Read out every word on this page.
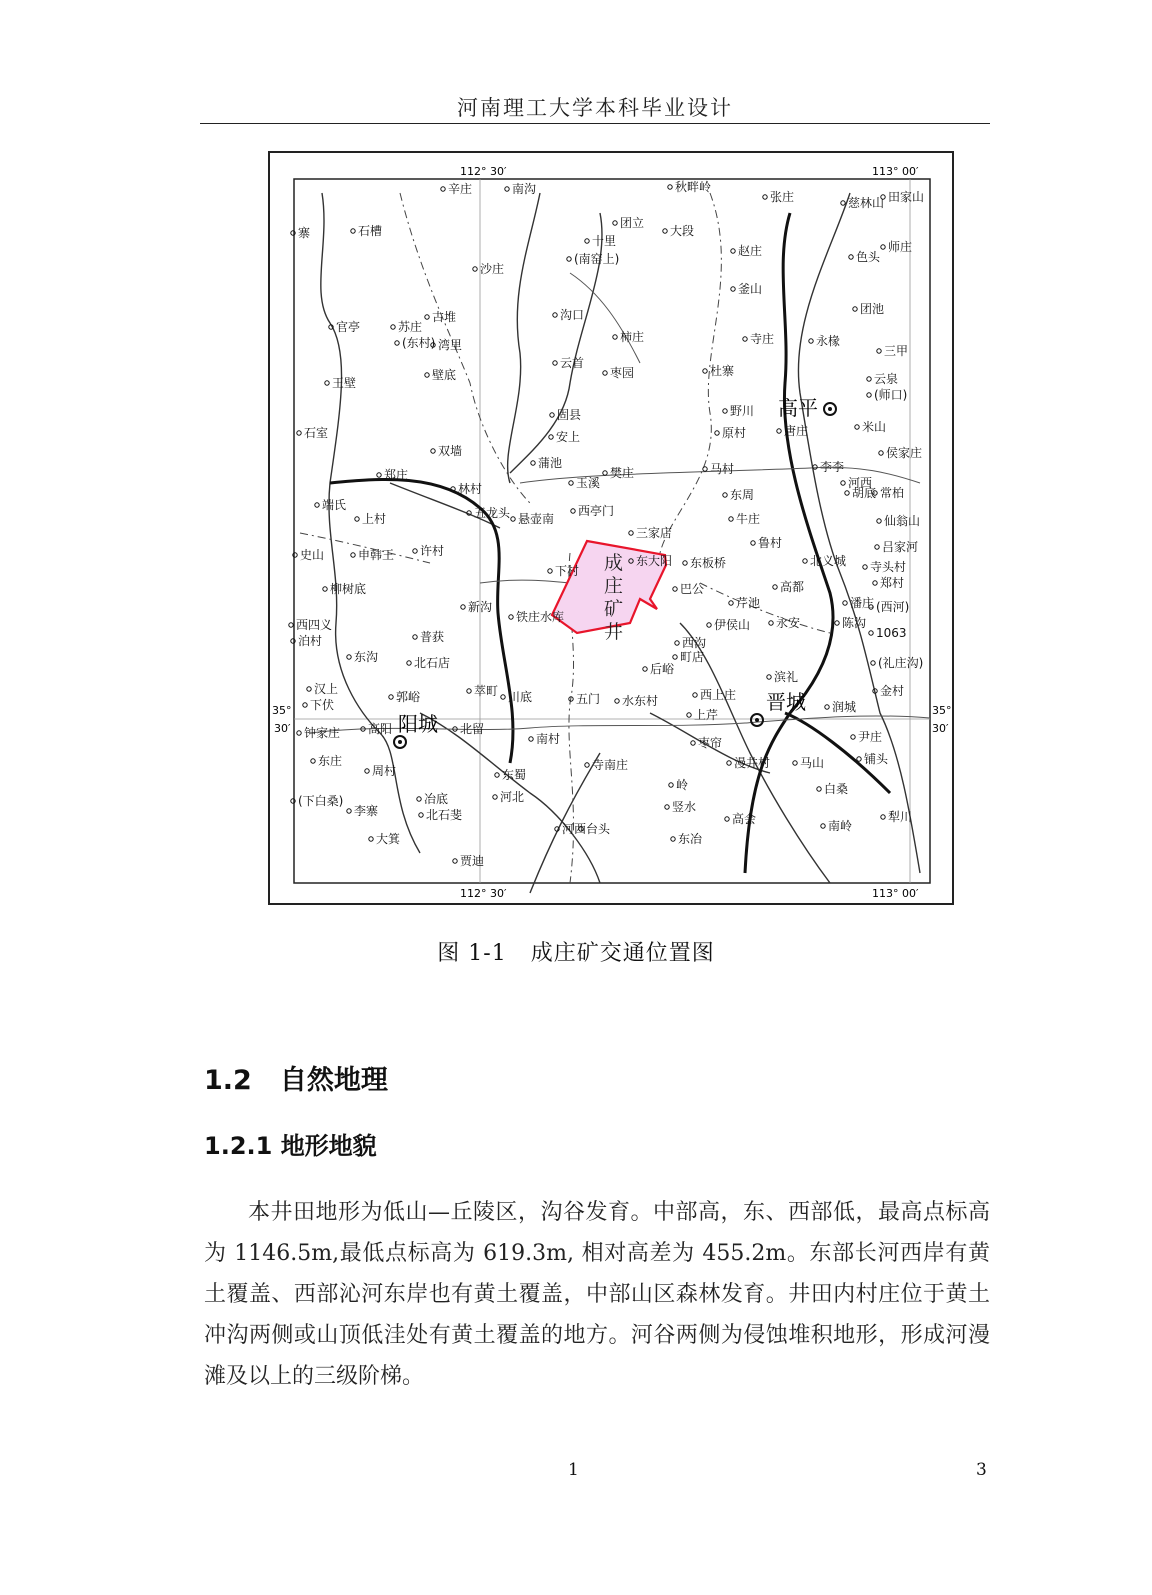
河南理工大学本科毕业设计
112° 30′	113° 00′
112° 30′	113° 00′
35°
30′
35°
30′
成
庄
矿
井
高平
晋城
阳城
辛庄	南沟	秋畔岭
张庄	慈林山 田家山
寨	石槽
十里
(南窑上)
团立
大段
赵庄	师庄
沙庄
色头
釜山
团池
官亭	苏庄
(东村)
古堆	沟口
柿庄	寺庄	永椽
三甲
湾里
云首
枣园	杜寨
云泉
(师口)
王壁
壁底
固县	野川
唐庄	米山
石室
双墙
安上	原村
侯家庄
郑庄
蒲池
樊庄	马村	李李
河西
林村	玉溪
胡底
西亭门
常柏
端氏
五龙头 悬壶南
东周
牛庄	仙翁山
上村
三家店
鲁村	吕家河
史山	申韩王 许村
下村
东大阳 东板桥	北义城 寺头村
柳树底	巴公	高都
潘庄
郑村
新沟
铁庄水库
芹池	(西河)
西四义
泊村
永安	陈沟
普获
伊侯山
1063
西沟
町店
东沟	北石店	后峪
滨礼
(礼庄沟)
汉上
下伏
郭峪	萃町 川底	五门 水东村	西上庄	金村
上芹
润城
高阳	北留
钟家庄	南村	枣帘	尹庄
东庄
周村	东蜀
寺南庄	漫井村 马山	铺头
岭
河北
白桑
(下白桑)
李寨
冶底
北石斐
台头
竖水
犁川
大箕
河西
东冶
高会	南岭
贾迪
图 1-1 成庄矿交通位置图
1.2 自然地理
1.2.1 地形地貌
本井田地形为低山—丘陵区，沟谷发育。中部高，东、西部低，最高点标高为 1146.5m,最低点标高为 619.3m, 相对高差为 455.2m。东部长河西岸有黄土覆盖、西部沁河东岸也有黄土覆盖，中部山区森林发育。井田内村庄位于黄土冲沟两侧或山顶低洼处有黄土覆盖的地方。河谷两侧为侵蚀堆积地形，形成河漫滩及以上的三级阶梯。
1	3
